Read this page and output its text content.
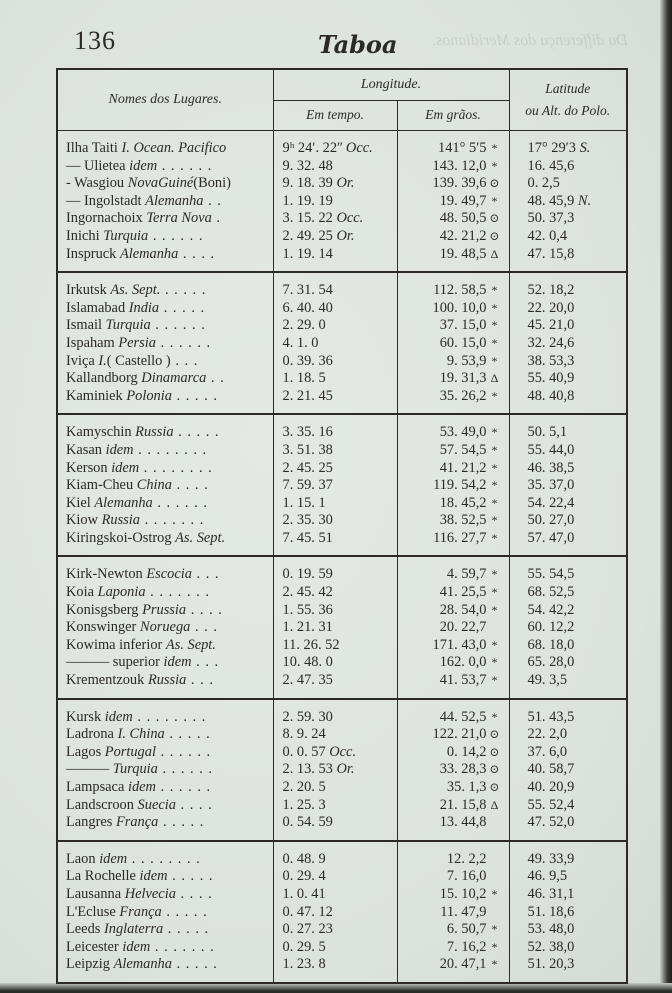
Da differença dos Meridianos.
136	Taboa
Nomes dos Lugares.	Longitude.		Latitude
ou Alt. do Polo.
	Em tempo.	Em grãos.	
Ilha Taiti I. Ocean. Pacifico	9ʰ 24ʹ. 22ʺ Occ.	141° 5ʹ5 *	17° 29ʹ3 S.
— Ulietea idem . . . . . .	9. 32. 48	143. 12,0 *	16. 45,6
- Wasgiou NovaGuiné(Boni)	9. 18. 39 Or.	139. 39,6 ⊙	0. 2,5
— Ingolstadt Alemanha . .	1. 19. 19	19. 49,7 *	48. 45,9 N.
Ingornachoix Terra Nova .	3. 15. 22 Occ.	48. 50,5 ⊙	50. 37,3
Inichi Turquia . . . . . .	2. 49. 25 Or.	42. 21,2 ⊙	42. 0,4
Inspruck Alemanha . . . .	1. 19. 14	19. 48,5 Δ	47. 15,8
Irkutsk As. Sept. . . . . .	7. 31. 54	112. 58,5 *	52. 18,2
Islamabad India . . . . .	6. 40. 40	100. 10,0 *	22. 20,0
Ismail Turquia . . . . . .	2. 29. 0	37. 15,0 *	45. 21,0
Ispaham Persia . . . . . .	4. 1. 0	60. 15,0 *	32. 24,6
Iviça I.( Castello ) . . .	0. 39. 36	9. 53,9 *	38. 53,3
Kallandborg Dinamarca . .	1. 18. 5	19. 31,3 Δ	55. 40,9
Kaminiek Polonia . . . . .	2. 21. 45	35. 26,2 *	48. 40,8
Kamyschin Russia . . . . .	3. 35. 16	53. 49,0 *	50. 5,1
Kasan idem . . . . . . . .	3. 51. 38	57. 54,5 *	55. 44,0
Kerson idem . . . . . . . .	2. 45. 25	41. 21,2 *	46. 38,5
Kiam-Cheu China . . . .	7. 59. 37	119. 54,2 *	35. 37,0
Kiel Alemanha . . . . . .	1. 15. 1	18. 45,2 *	54. 22,4
Kiow Russia . . . . . . .	2. 35. 30	38. 52,5 *	50. 27,0
Kiringskoi-Ostrog As. Sept.	7. 45. 51	116. 27,7 *	57. 47,0
Kirk-Newton Escocia . . .	0. 19. 59	4. 59,7 *	55. 54,5
Koia Laponia . . . . . . .	2. 45. 42	41. 25,5 *	68. 52,5
Konisgsberg Prussia . . . .	1. 55. 36	28. 54,0 *	54. 42,2
Konswinger Noruega . . .	1. 21. 31	20. 22,7	60. 12,2
Kowima inferior As. Sept.	11. 26. 52	171. 43,0 *	68. 18,0
——— superior idem . . .	10. 48. 0	162. 0,0 *	65. 28,0
Krementzouk Russia . . .	2. 47. 35	41. 53,7 *	49. 3,5
Kursk idem . . . . . . . .	2. 59. 30	44. 52,5 *	51. 43,5
Ladrona I. China . . . . .	8. 9. 24	122. 21,0 ⊙	22. 2,0
Lagos Portugal . . . . . .	0. 0. 57 Occ.	0. 14,2 ⊙	37. 6,0
——— Turquia . . . . . .	2. 13. 53 Or.	33. 28,3 ⊙	40. 58,7
Lampsaca idem . . . . . .	2. 20. 5	35. 1,3 ⊙	40. 20,9
Landscroon Suecia . . . .	1. 25. 3	21. 15,8 Δ	55. 52,4
Langres França . . . . .	0. 54. 59	13. 44,8	47. 52,0
Laon idem . . . . . . . .	0. 48. 9	12. 2,2	49. 33,9
La Rochelle idem . . . . .	0. 29. 4	7. 16,0	46. 9,5
Lausanna Helvecia . . . .	1. 0. 41	15. 10,2 *	46. 31,1
L'Ecluse França . . . . .	0. 47. 12	11. 47,9	51. 18,6
Leeds Inglaterra . . . . .	0. 27. 23	6. 50,7 *	53. 48,0
Leicester idem . . . . . . .	0. 29. 5	7. 16,2 *	52. 38,0
Leipzig Alemanha . . . . .	1. 23. 8	20. 47,1 *	51. 20,3
